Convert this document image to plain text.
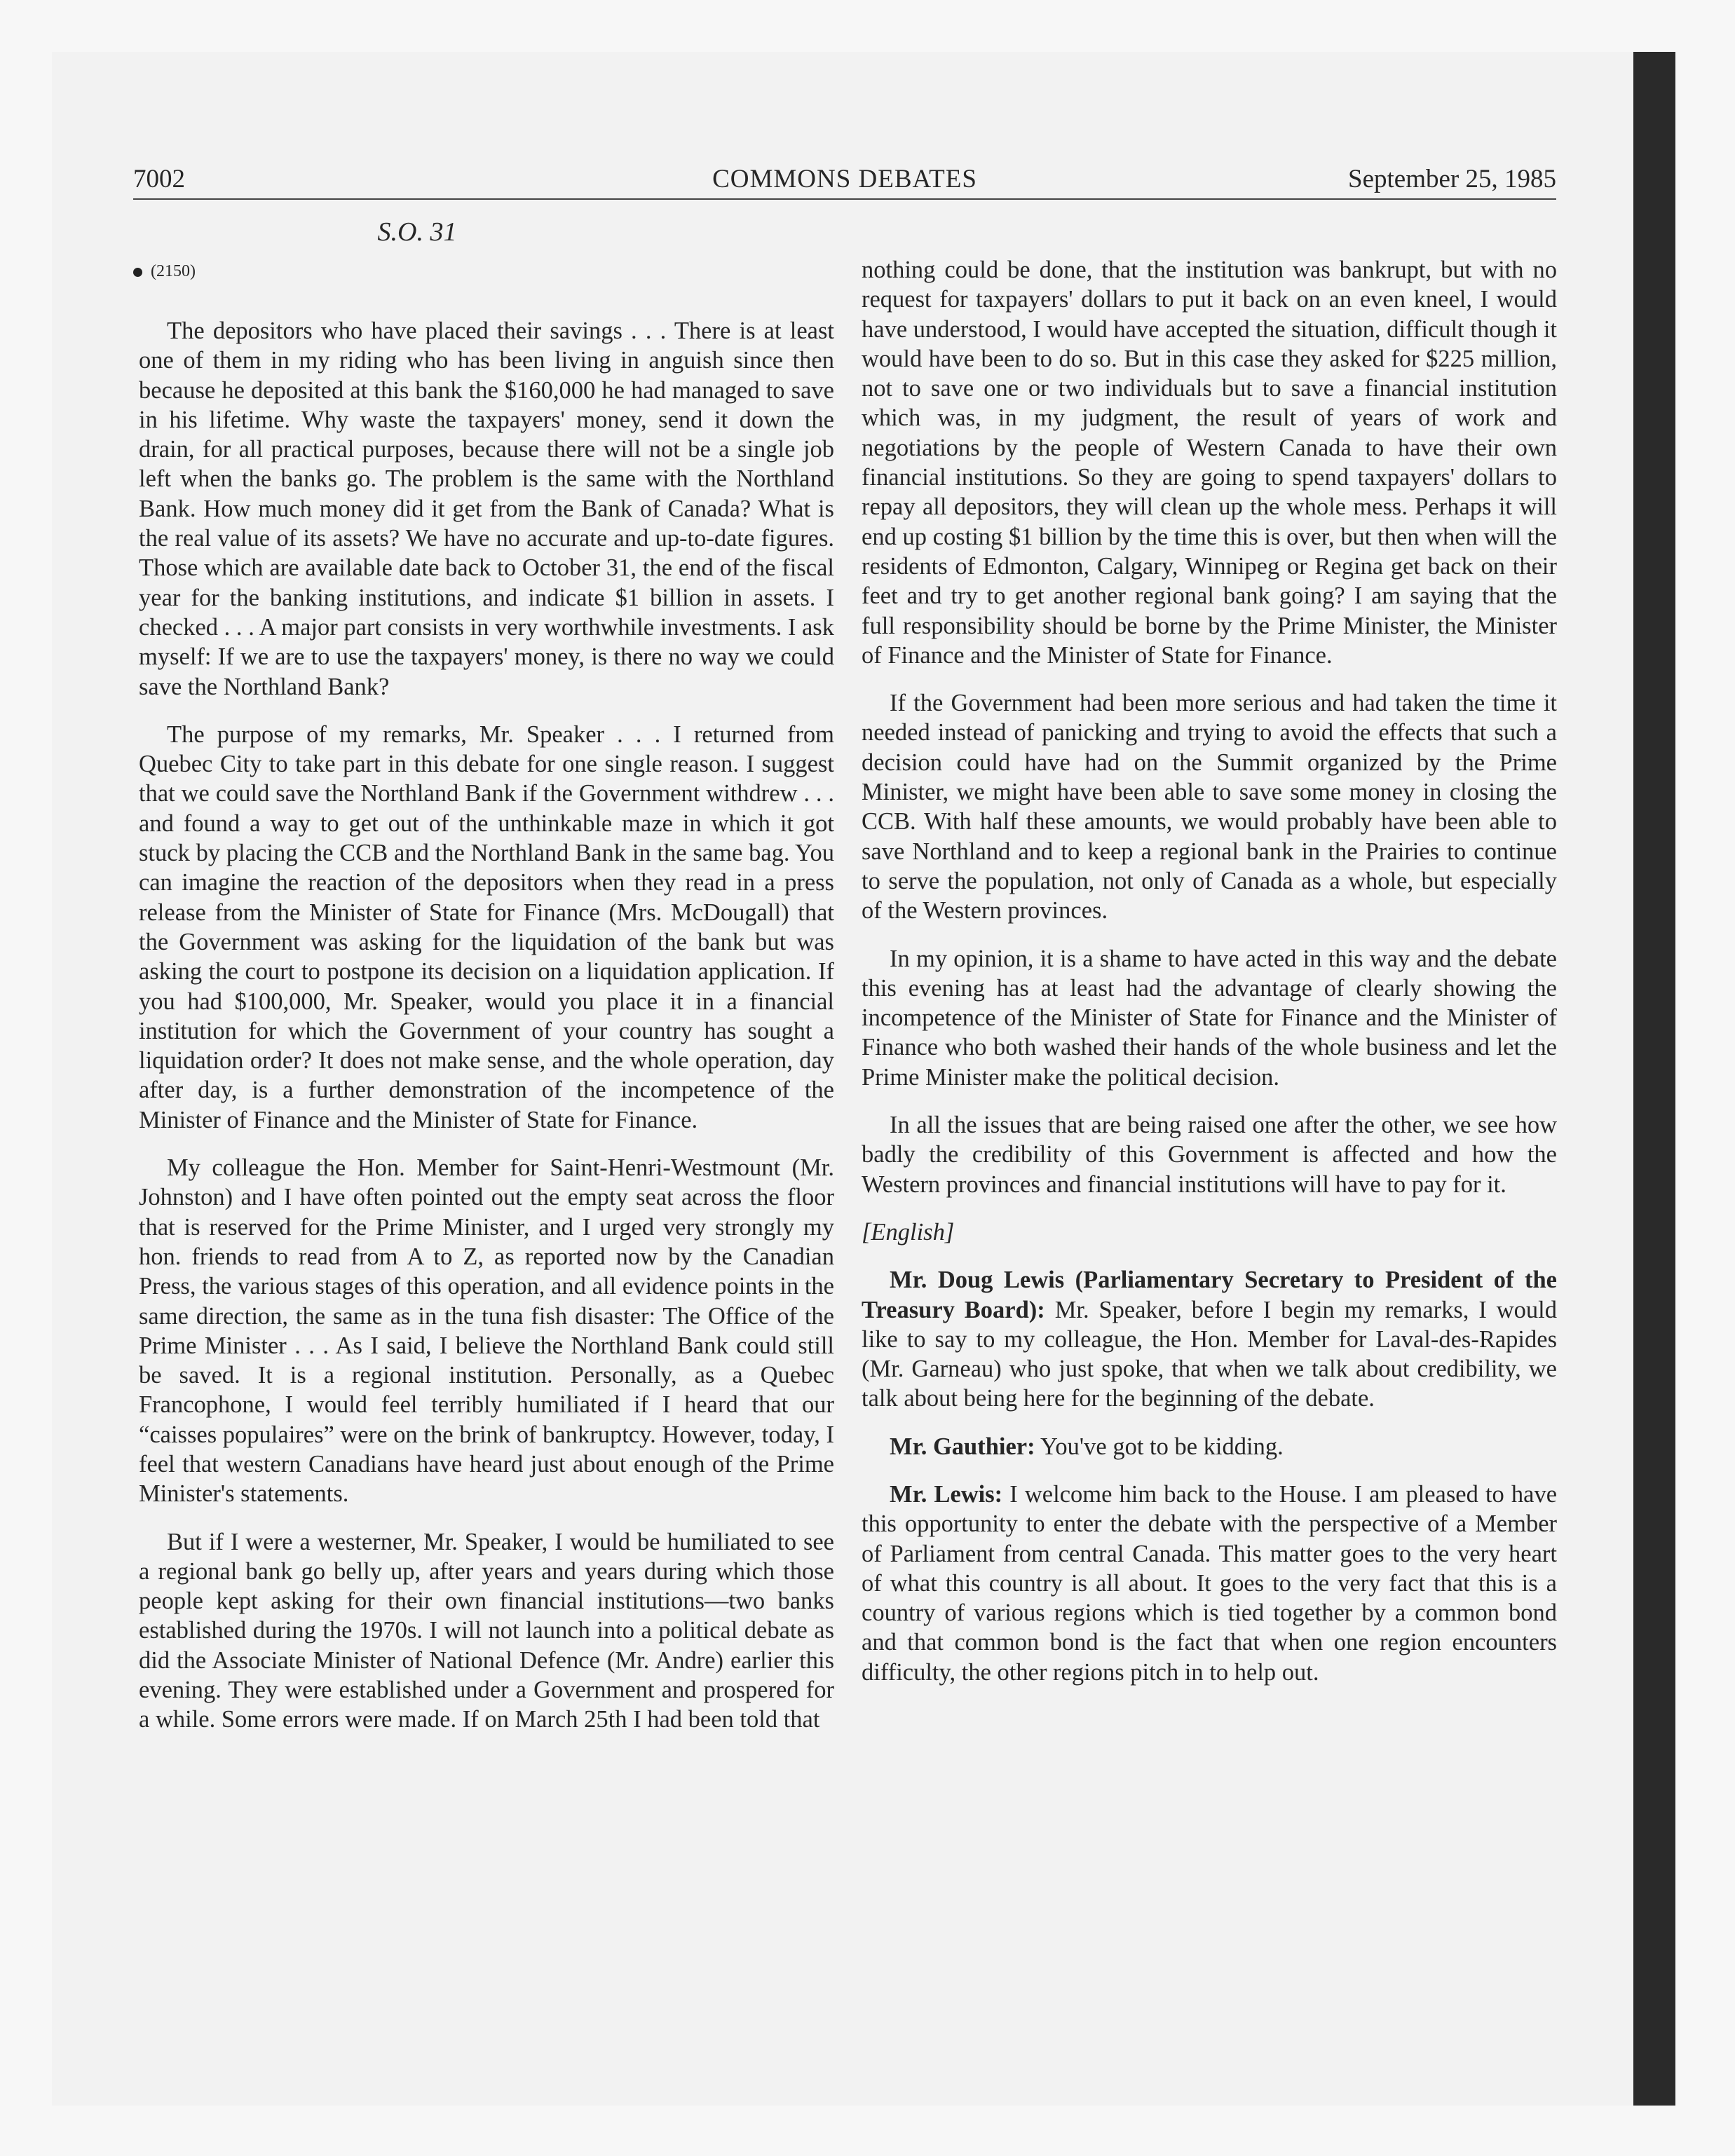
7002	COMMONS DEBATES	September 25, 1985
S.O. 31
(2150)

The depositors who have placed their savings . . . There is at least one of them in my riding who has been living in anguish since then because he deposited at this bank the $160,000 he had managed to save in his lifetime. Why waste the taxpayers' money, send it down the drain, for all practical purposes, because there will not be a single job left when the banks go. The problem is the same with the Northland Bank. How much money did it get from the Bank of Canada? What is the real value of its assets? We have no accurate and up-to-date figures. Those which are available date back to October 31, the end of the fiscal year for the banking institutions, and indicate $1 billion in assets. I checked . . . A major part consists in very worthwhile investments. I ask myself: If we are to use the taxpayers' money, is there no way we could save the Northland Bank?

The purpose of my remarks, Mr. Speaker . . . I returned from Quebec City to take part in this debate for one single reason. I suggest that we could save the Northland Bank if the Government withdrew . . . and found a way to get out of the unthinkable maze in which it got stuck by placing the CCB and the Northland Bank in the same bag. You can imagine the reaction of the depositors when they read in a press release from the Minister of State for Finance (Mrs. McDougall) that the Government was asking for the liquidation of the bank but was asking the court to postpone its decision on a liquidation application. If you had $100,000, Mr. Speaker, would you place it in a financial institution for which the Government of your country has sought a liquidation order? It does not make sense, and the whole operation, day after day, is a further demonstration of the incompetence of the Minister of Finance and the Minister of State for Finance.

My colleague the Hon. Member for Saint-Henri-Westmount (Mr. Johnston) and I have often pointed out the empty seat across the floor that is reserved for the Prime Minister, and I urged very strongly my hon. friends to read from A to Z, as reported now by the Canadian Press, the various stages of this operation, and all evidence points in the same direction, the same as in the tuna fish disaster: The Office of the Prime Minister . . . As I said, I believe the Northland Bank could still be saved. It is a regional institution. Personally, as a Quebec Francophone, I would feel terribly humiliated if I heard that our “caisses populaires” were on the brink of bankruptcy. However, today, I feel that western Canadians have heard just about enough of the Prime Minister's statements.

But if I were a westerner, Mr. Speaker, I would be humiliated to see a regional bank go belly up, after years and years during which those people kept asking for their own financial institutions—two banks established during the 1970s. I will not launch into a political debate as did the Associate Minister of National Defence (Mr. Andre) earlier this evening. They were established under a Government and prospered for a while. Some errors were made. If on March 25th I had been told that

nothing could be done, that the institution was bankrupt, but with no request for taxpayers' dollars to put it back on an even kneel, I would have understood, I would have accepted the situation, difficult though it would have been to do so. But in this case they asked for $225 million, not to save one or two individuals but to save a financial institution which was, in my judgment, the result of years of work and negotiations by the people of Western Canada to have their own financial institutions. So they are going to spend taxpayers' dollars to repay all depositors, they will clean up the whole mess. Perhaps it will end up costing $1 billion by the time this is over, but then when will the residents of Edmonton, Calgary, Winnipeg or Regina get back on their feet and try to get another regional bank going? I am saying that the full responsibility should be borne by the Prime Minister, the Minister of Finance and the Minister of State for Finance.

If the Government had been more serious and had taken the time it needed instead of panicking and trying to avoid the effects that such a decision could have had on the Summit organized by the Prime Minister, we might have been able to save some money in closing the CCB. With half these amounts, we would probably have been able to save Northland and to keep a regional bank in the Prairies to continue to serve the population, not only of Canada as a whole, but especially of the Western provinces.

In my opinion, it is a shame to have acted in this way and the debate this evening has at least had the advantage of clearly showing the incompetence of the Minister of State for Finance and the Minister of Finance who both washed their hands of the whole business and let the Prime Minister make the political decision.

In all the issues that are being raised one after the other, we see how badly the credibility of this Government is affected and how the Western provinces and financial institutions will have to pay for it.

[English]

Mr. Doug Lewis (Parliamentary Secretary to President of the Treasury Board): Mr. Speaker, before I begin my remarks, I would like to say to my colleague, the Hon. Member for Laval-des-Rapides (Mr. Garneau) who just spoke, that when we talk about credibility, we talk about being here for the beginning of the debate.

Mr. Gauthier: You've got to be kidding.

Mr. Lewis: I welcome him back to the House. I am pleased to have this opportunity to enter the debate with the perspective of a Member of Parliament from central Canada. This matter goes to the very heart of what this country is all about. It goes to the very fact that this is a country of various regions which is tied together by a common bond and that common bond is the fact that when one region encounters difficulty, the other regions pitch in to help out.
